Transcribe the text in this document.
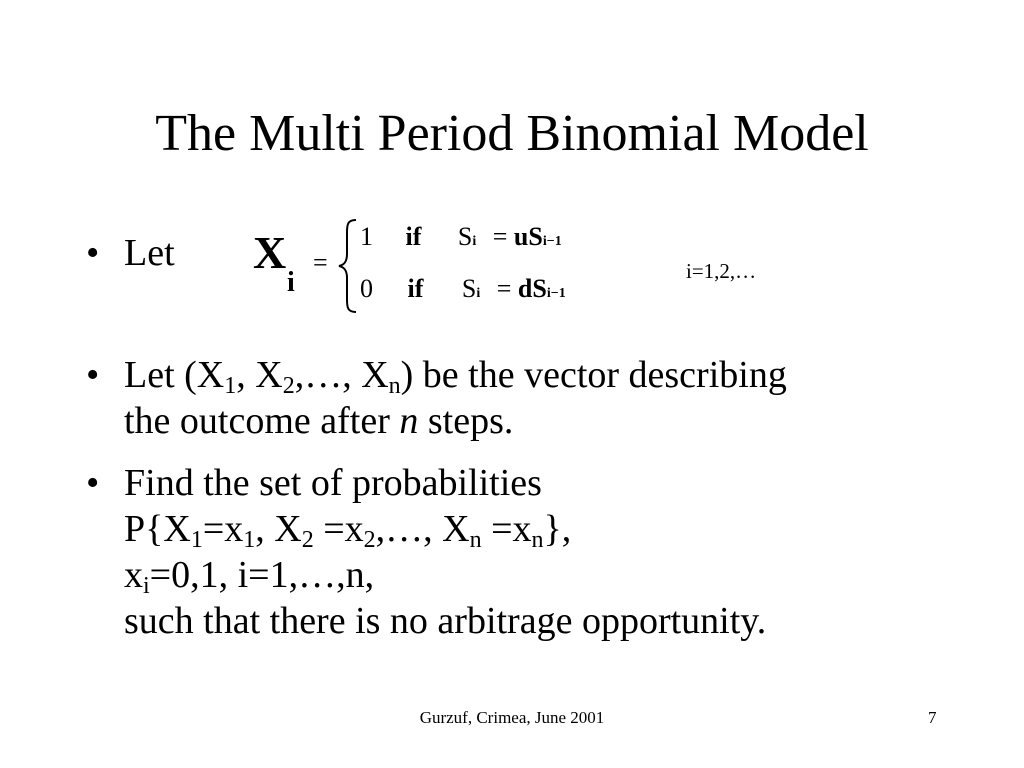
The Multi Period Binomial Model
• Let X
i
=
1 if Si = uSi−1
0 if Si = dSi−1
i=1,2,…
• Let ($X_1$, $X_2,\dots$, $X_n$) be the vector describing
the outcome after n steps.
• Find the set of probabilities
$P\{X_1=x_1$, $X_2$ $=x_2,\dots$, $X_n =x_n$},
$x_i=0,1$, i=1,…,n,
such that there is no arbitrage opportunity.
Gurzuf, Crimea, June 2001	7
